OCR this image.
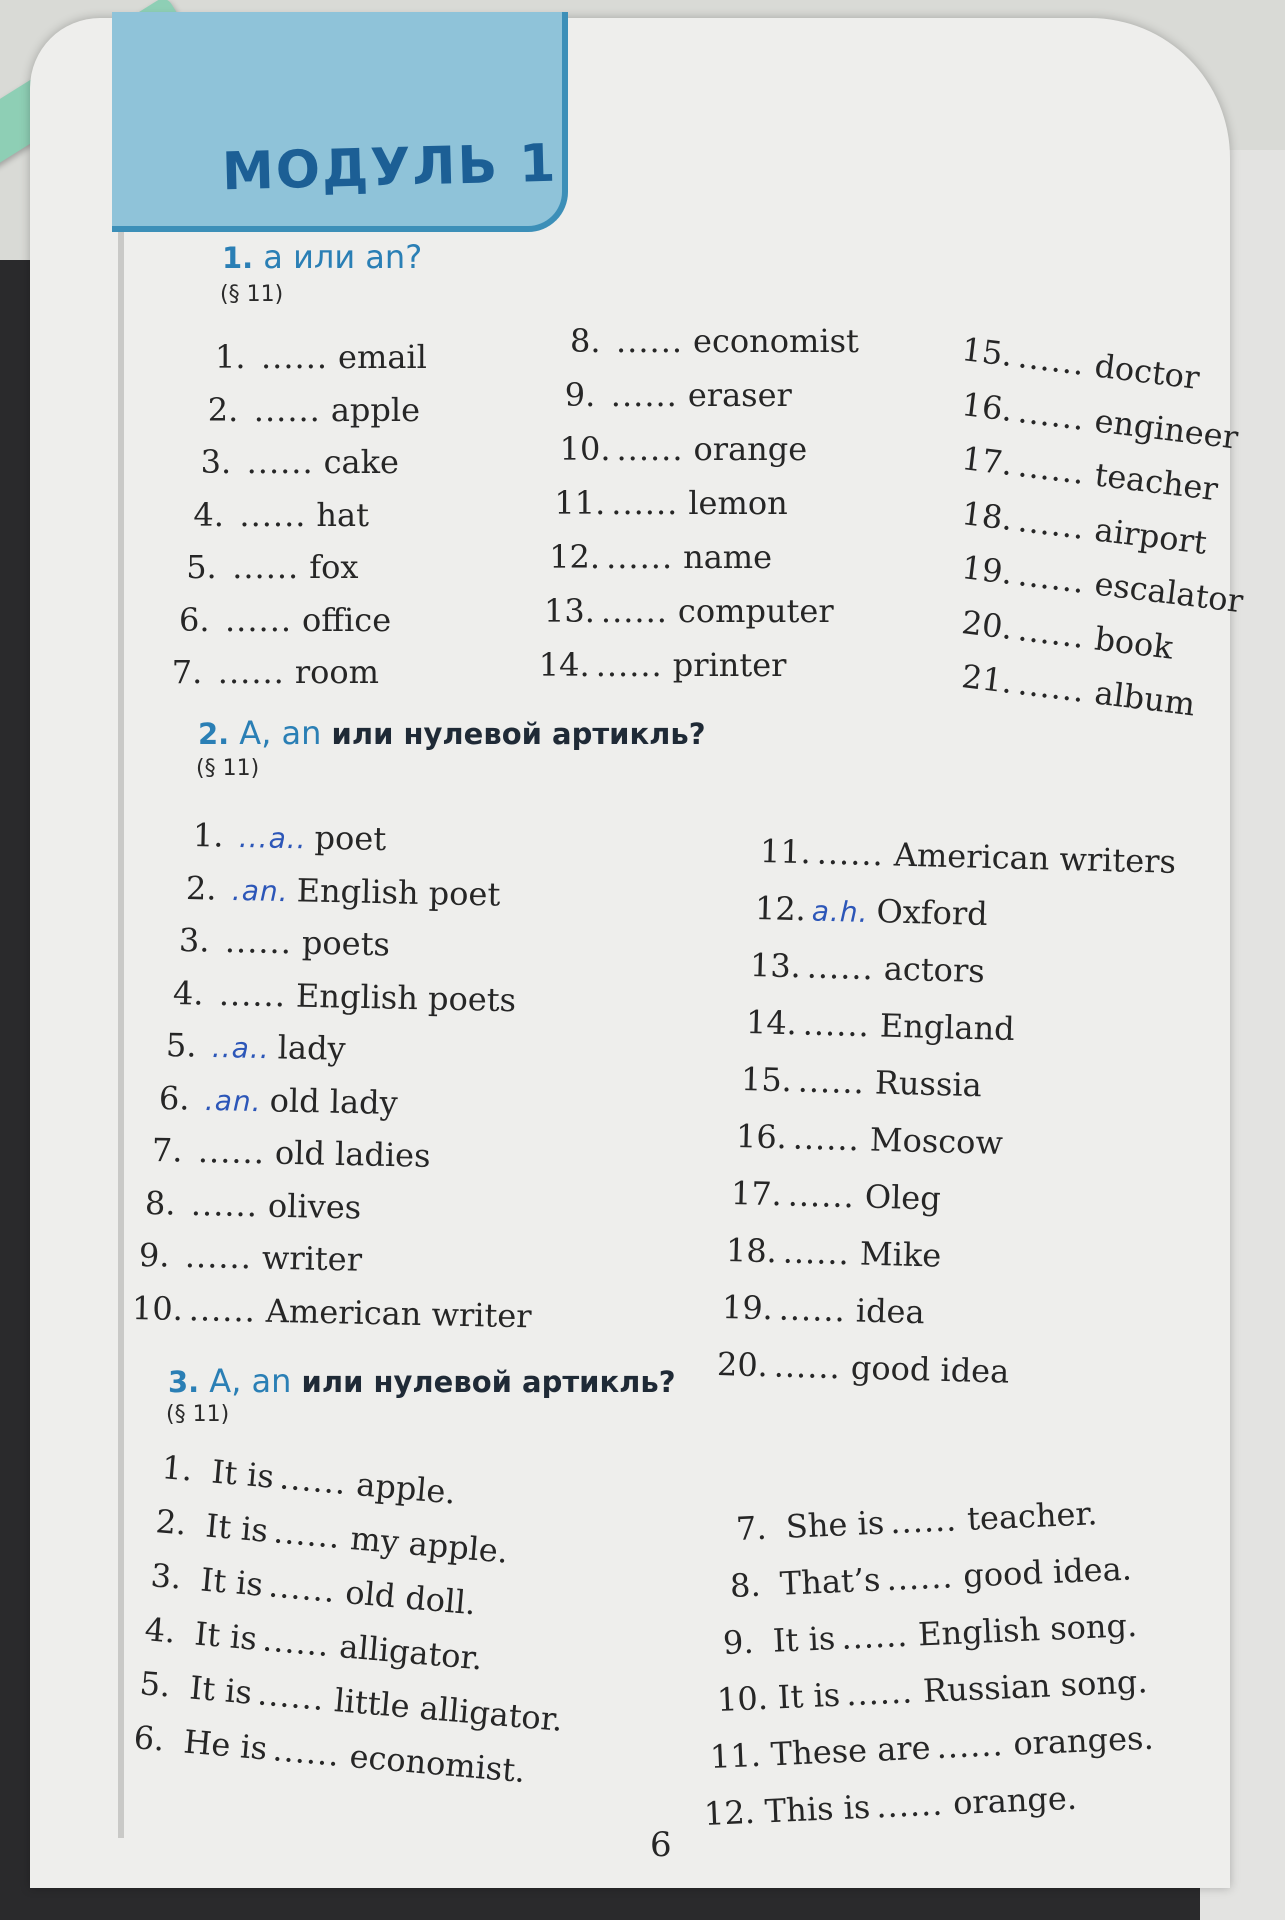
МОДУЛЬ 1
1. a или an?
(§ 11)
1. ...... email
2. ...... apple
3. ...... cake
4. ...... hat
5. ...... fox
6. ...... office
7. ...... room
8. ...... economist
9. ...... eraser
10. ...... orange
11. ...... lemon
12. ...... name
13. ...... computer
14. ...... printer
15....... doctor
16....... engineer
17....... teacher
18....... airport
19....... escalator
20....... book
21....... album
2. A, an или нулевой артикль?
(§ 11)
1. ...a.. poet
2. .an. English poet
3. ...... poets
4. ...... English poets
5. ..a.. lady
6. .an. old lady
7. ...... old ladies
8. ...... olives
9. ...... writer
10. ...... American writer
11. ...... American writers
12. a.h. Oxford
13. ...... actors
14. ...... England
15. ...... Russia
16. ...... Moscow
17. ...... Oleg
18. ...... Mike
19. ...... idea
20. ...... good idea
3. A, an или нулевой артикль?
(§ 11)
1. It is...... apple.
2. It is...... my apple.
3. It is...... old doll.
4. It is...... alligator.
5. It is...... little alligator.
6. He is...... economist.
7. She is ...... teacher.
8. That’s ...... good idea.
9. It is ...... English song.
10. It is ...... Russian song.
11. These are ...... oranges.
12. This is ...... orange.
6
